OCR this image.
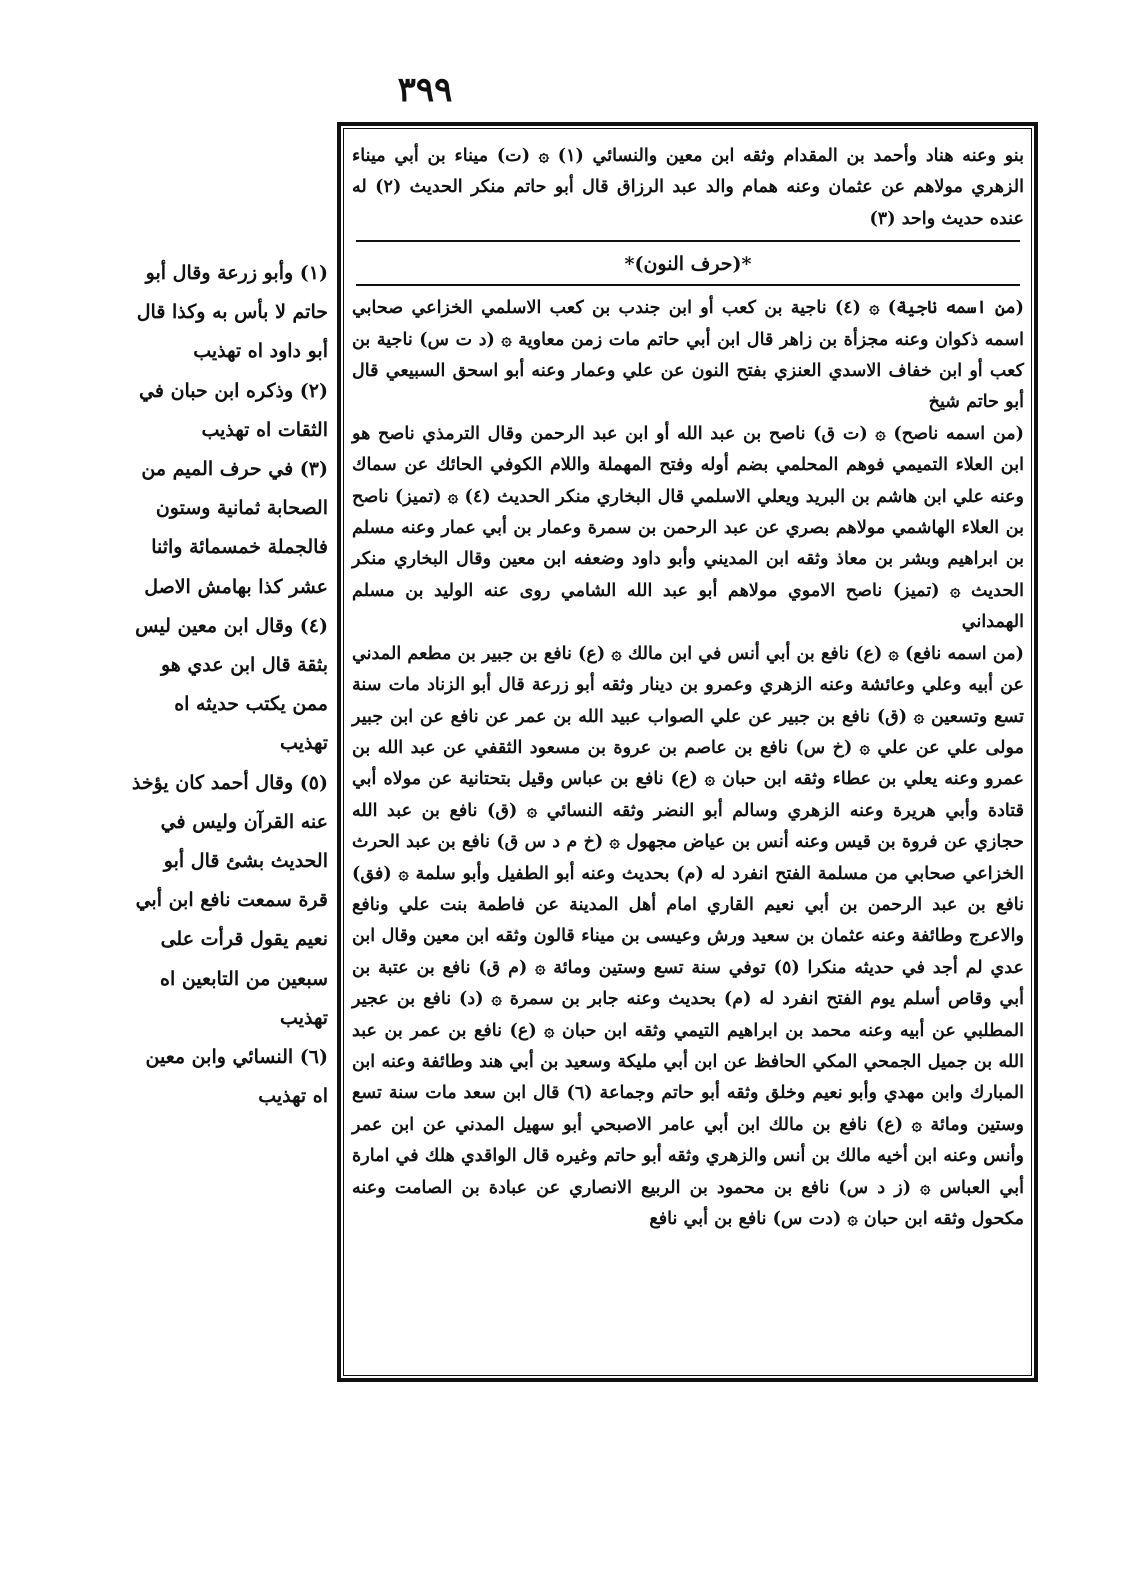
٣٩٩

بنو وعنه هناد وأحمد بن المقدام وثقه ابن معين والنسائي (١) ۞ (ت) ميناء بن أبي ميناء الزهري مولاهم عن عثمان وعنه همام والد عبد الرزاق قال أبو حاتم منكر الحديث (٢) له عنده حديث واحد (٣)

*(حرف النون)*

(من اسمه ناجية) ۞ (٤) ناجية بن كعب أو ابن جندب بن كعب الاسلمي الخزاعي صحابي اسمه ذكوان وعنه مجزأة بن زاهر قال ابن أبي حاتم مات زمن معاوية ۞ (د ت س) ناجية بن كعب أو ابن خفاف الاسدي العنزي بفتح النون عن علي وعمار وعنه أبو اسحق السبيعي قال أبو حاتم شيخ

(من اسمه ناصح) ۞ (ت ق) ناصح بن عبد الله أو ابن عبد الرحمن وقال الترمذي ناصح هو ابن العلاء التميمي فوهم المحلمي بضم أوله وفتح المهملة واللام الكوفي الحائك عن سماك وعنه علي ابن هاشم بن البريد ويعلي الاسلمي قال البخاري منكر الحديث (٤) ۞ (تميز) ناصح بن العلاء الهاشمي مولاهم بصري عن عبد الرحمن بن سمرة وعمار بن أبي عمار وعنه مسلم بن ابراهيم وبشر بن معاذ وثقه ابن المديني وأبو داود وضعفه ابن معين وقال البخاري منكر الحديث ۞ (تميز) ناصح الاموي مولاهم أبو عبد الله الشامي روى عنه الوليد بن مسلم الهمداني

(من اسمه نافع) ۞ (ع) نافع بن أبي أنس في ابن مالك ۞ (ع) نافع بن جبير بن مطعم المدني عن أبيه وعلي وعائشة وعنه الزهري وعمرو بن دينار وثقه أبو زرعة قال أبو الزناد مات سنة تسع وتسعين ۞ (ق) نافع بن جبير عن علي الصواب عبيد الله بن عمر عن نافع عن ابن جبير مولى علي عن علي ۞ (خ س) نافع بن عاصم بن عروة بن مسعود الثقفي عن عبد الله بن عمرو وعنه يعلي بن عطاء وثقه ابن حبان ۞ (ع) نافع بن عباس وقيل بتحتانية عن مولاه أبي قتادة وأبي هريرة وعنه الزهري وسالم أبو النضر وثقه النسائي ۞ (ق) نافع بن عبد الله حجازي عن فروة بن قيس وعنه أنس بن عياض مجهول ۞ (خ م د س ق) نافع بن عبد الحرث الخزاعي صحابي من مسلمة الفتح انفرد له (م) بحديث وعنه أبو الطفيل وأبو سلمة ۞ (فق) نافع بن عبد الرحمن بن أبي نعيم القاري امام أهل المدينة عن فاطمة بنت علي ونافع والاعرج وطائفة وعنه عثمان بن سعيد ورش وعيسى بن ميناء قالون وثقه ابن معين وقال ابن عدي لم أجد في حديثه منكرا (٥) توفي سنة تسع وستين ومائة ۞ (م ق) نافع بن عتبة بن أبي وقاص أسلم يوم الفتح انفرد له (م) بحديث وعنه جابر بن سمرة ۞ (د) نافع بن عجير المطلبي عن أبيه وعنه محمد بن ابراهيم التيمي وثقه ابن حبان ۞ (ع) نافع بن عمر بن عبد الله بن جميل الجمحي المكي الحافظ عن ابن أبي مليكة وسعيد بن أبي هند وطائفة وعنه ابن المبارك وابن مهدي وأبو نعيم وخلق وثقه أبو حاتم وجماعة (٦) قال ابن سعد مات سنة تسع وستين ومائة ۞ (ع) نافع بن مالك ابن أبي عامر الاصبحي أبو سهيل المدني عن ابن عمر وأنس وعنه ابن أخيه مالك بن أنس والزهري وثقه أبو حاتم وغيره قال الواقدي هلك في امارة أبي العباس ۞ (ز د س) نافع بن محمود بن الربيع الانصاري عن عبادة بن الصامت وعنه مكحول وثقه ابن حبان ۞ (دت س) نافع بن أبي نافع

(١) وأبو زرعة وقال أبو حاتم لا بأس به وكذا قال أبو داود اه تهذيب

(٢) وذكره ابن حبان في الثقات اه تهذيب

(٣) في حرف الميم من الصحابة ثمانية وستون فالجملة خمسمائة واثنا عشر كذا بهامش الاصل

(٤) وقال ابن معين ليس بثقة قال ابن عدي هو ممن يكتب حديثه اه تهذيب

(٥) وقال أحمد كان يؤخذ عنه القرآن وليس في الحديث بشئ قال أبو قرة سمعت نافع ابن أبي نعيم يقول قرأت على سبعين من التابعين اه تهذيب

(٦) النسائي وابن معين اه تهذيب
